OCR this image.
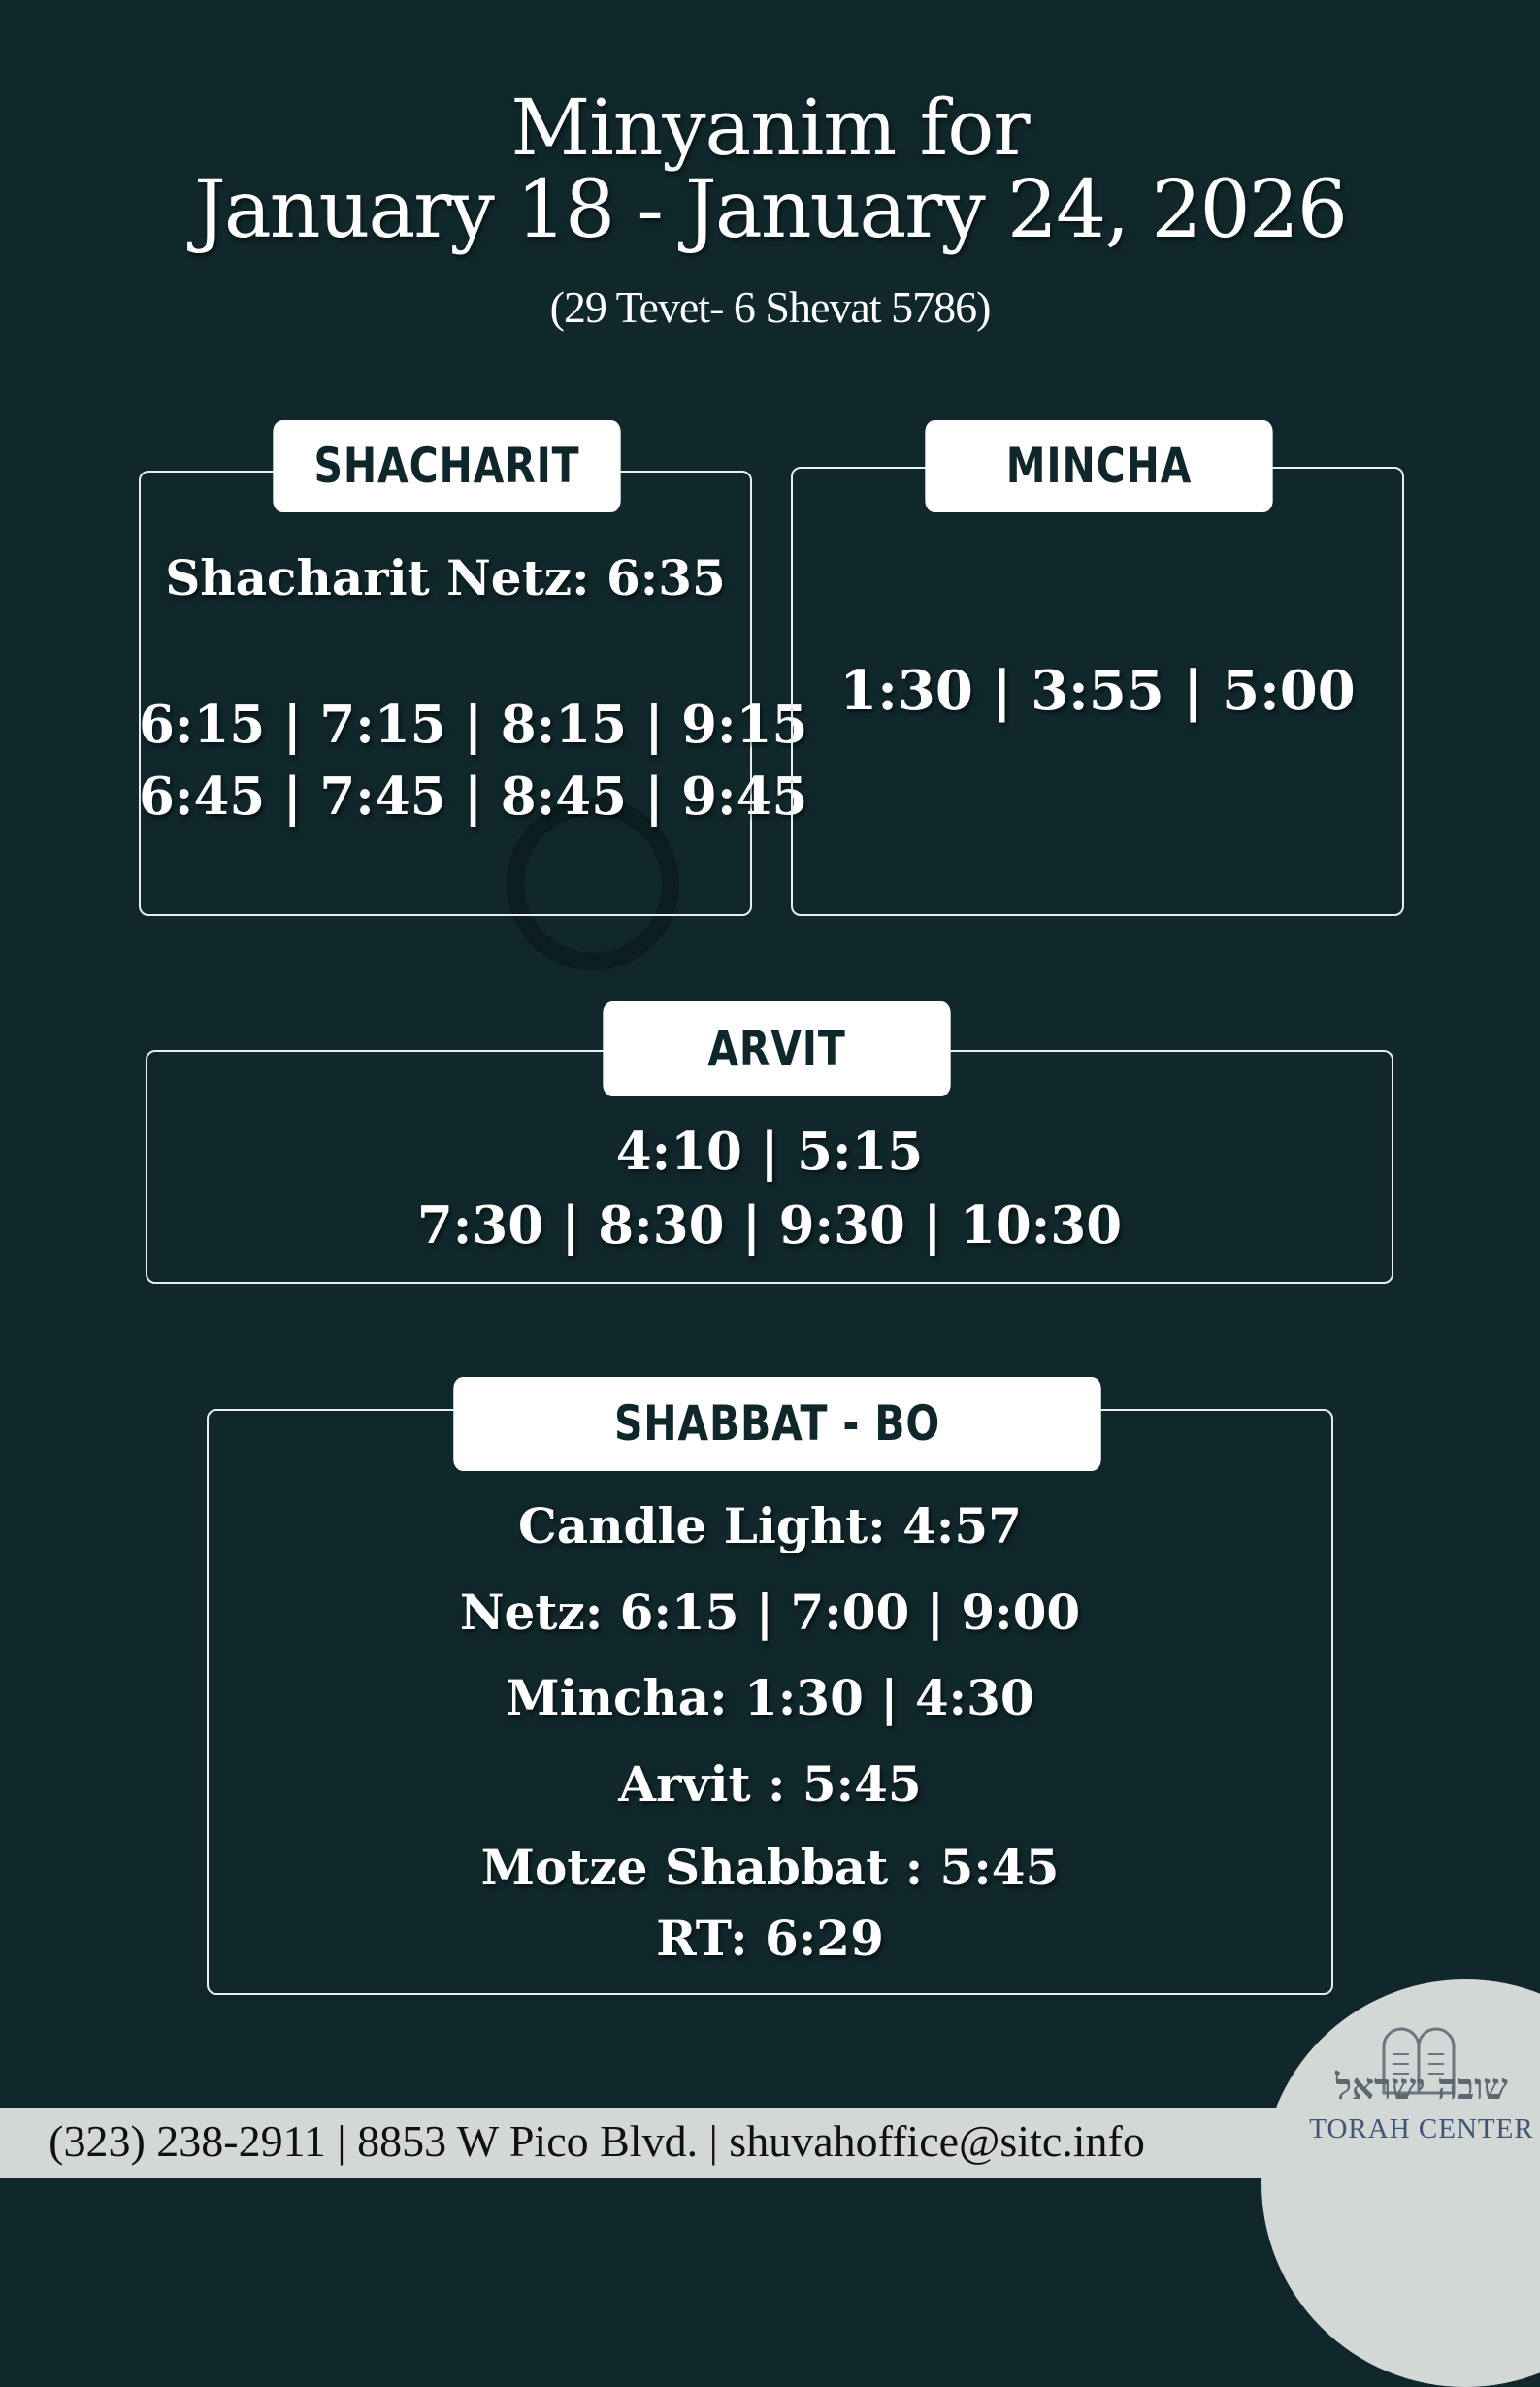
Minyanim for
January 18 - January 24, 2026
(29 Tevet- 6 Shevat 5786)
SHACHARIT
Shacharit Netz: 6:35
6:15 | 7:15 | 8:15 | 9:15
6:45 | 7:45 | 8:45 | 9:45
MINCHA
1:30 | 3:55 | 5:00
ARVIT
4:10 | 5:15
7:30 | 8:30 | 9:30 | 10:30
SHABBAT - BO
Candle Light: 4:57
Netz: 6:15 | 7:00 | 9:00
Mincha: 1:30 | 4:30
Arvit : 5:45
Motze Shabbat : 5:45
RT: 6:29
(323) 238-2911 | 8853 W Pico Blvd. | shuvahoffice@sitc.info
שובה ישראל
TORAH CENTER
